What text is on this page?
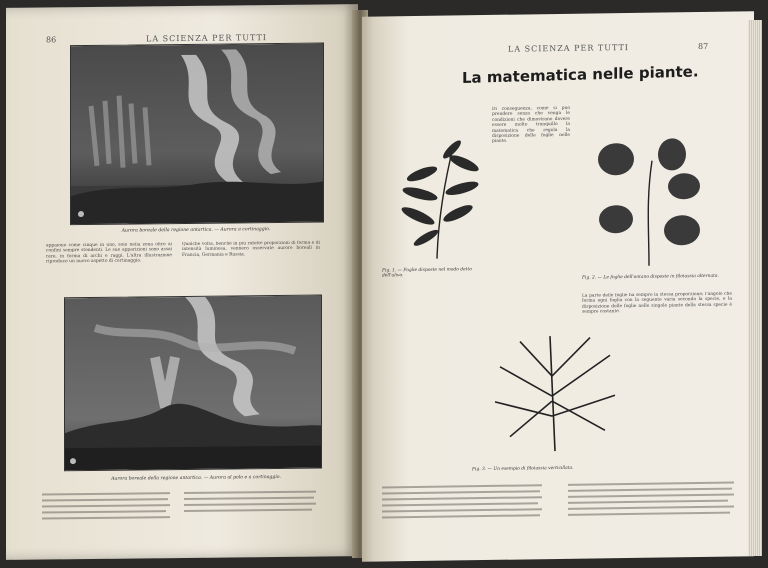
86	LA SCIENZA PER TUTTI
Aurora boreale della regione antartica. — Aurora a cortinaggio.
appaiono come cinque in uno, solo nella zona oltre ai confini sempre stendenti. Le sue apparizioni sono assai rare, in forma di archi e raggi. L'altra illustrazione riproduce un nuovo aspetto di cortinaggio.
Qualche volta, benché in più ridotte proporzioni di forma e di intensità luminosa, vennero osservate aurore boreali in Francia, Germania e Russia.
Aurora boreale della regione antartica. — Aurora al polo e a cortinaggio.
LA SCIENZA PER TUTTI	87
Fig. 1. — Foglie disposte nel modo detto dell'ulivo.
Di conseguenza, come si può prendere senza che venga le condizioni che dimostrano dovere essere molto tranquillo la matematica che regola la disposizione delle foglie nelle piante.
Fig. 2. — Le foglie dell'ontano disposte in filotassia alternata.
La matematica nelle piante.
Fig. 3. — Un esempio di filotassia verticillata.
La parte delle foglie ha sempre la stessa proporzione; l'angolo che forma ogni foglia con la seguente varia secondo la specie, e la disposizione delle foglie nelle singole piante della stessa specie è sempre costante.
